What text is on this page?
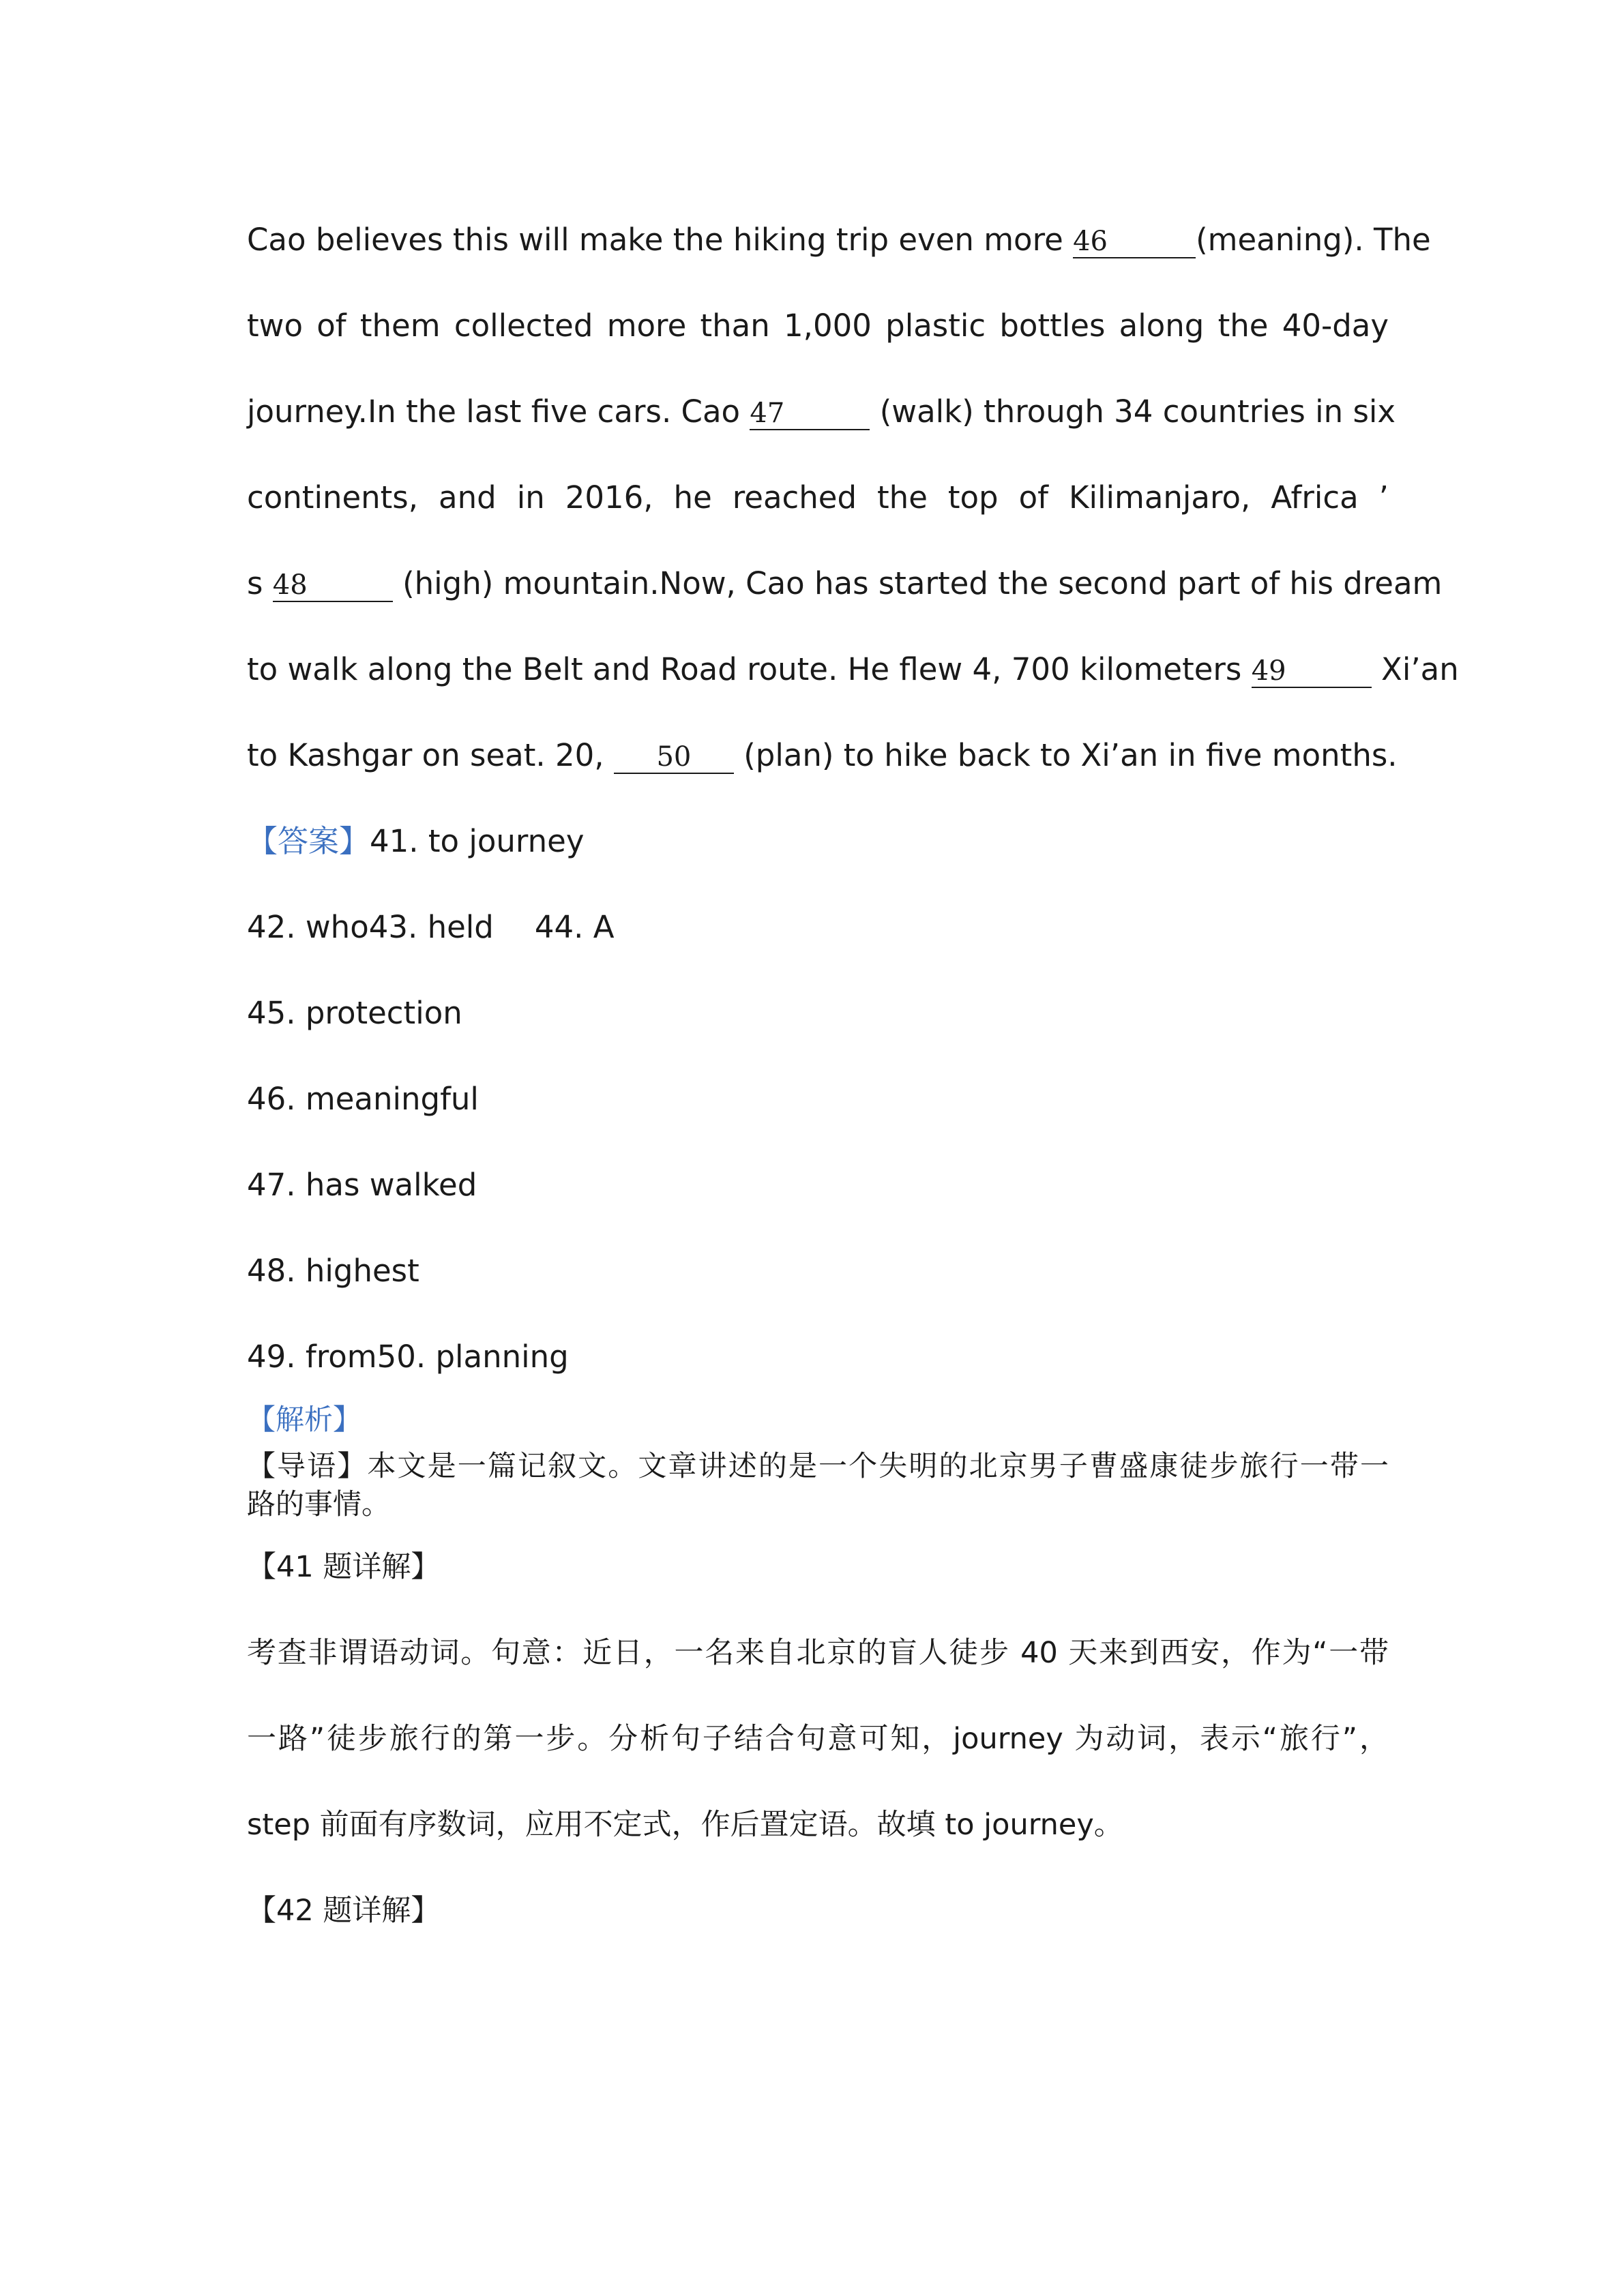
Cao believes this will make the hiking trip even more 46	(meaning). The
two of them collected more than 1,000 plastic bottles along the 40-day
journey.In the last five cars. Cao 47	(walk) through 34 countries in six
continents, and in 2016, he reached the top of Kilimanjaro, Africa ’
s 48	(high) mountain.Now, Cao has started the second part of his dream
to walk along the Belt and Road route. He flew 4, 700 kilometers 49	Xi’an
to Kashgar on seat. 20, 50 (plan) to hike back to Xi’an in five months.
【答案】41. to journey
42. who43. held 44. A
45. protection
46. meaningful
47. has walked
48. highest
49. from50. planning
【解析】
【导语】本文是一篇记叙文。文章讲述的是一个失明的北京男子曹盛康徒步旅行一带一
路的事情。
【41 题详解】
考查非谓语动词。句意：近日，一名来自北京的盲人徒步 40 天来到西安，作为“一带
一路”徒步旅行的第一步。分析句子结合句意可知，journey 为动词，表示“旅行”，
step 前面有序数词，应用不定式，作后置定语。故填 to journey。
【42 题详解】
